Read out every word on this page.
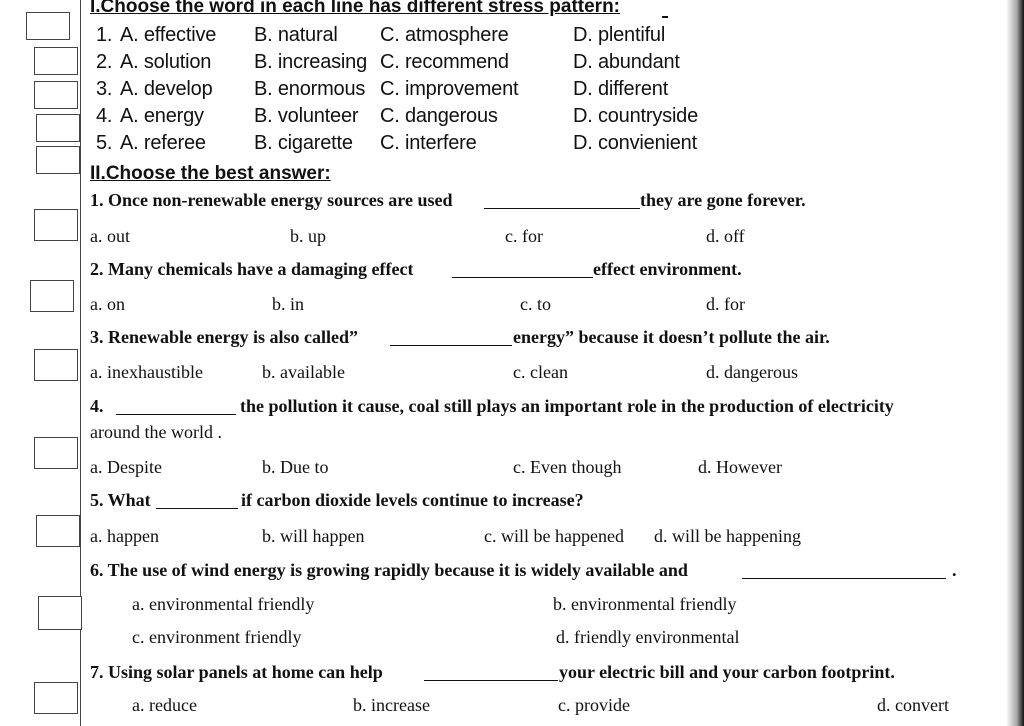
I.Choose the word in each line has different stress pattern:
1. A. effective B. natural C. atmosphere	D. plentiful
2. A. solution B. increasing C. recommend	D. abundant
3. A. develop B. enormous C. improvement	D. different
4. A. energy	B. volunteer C. dangerous	D. countryside
5. A. referee B. cigarette C. interfere	D. convienient
II.Choose the best answer:
1. Once non-renewable energy sources are used	they are gone forever.
a. out	b. up	c. for	d. off
2. Many chemicals have a damaging effect	effect environment.
a. on	b. in	c. to	d. for
3. Renewable energy is also called”	energy” because it doesn’t pollute the air.
a. inexhaustible	b. available	c. clean	d. dangerous
4.	the pollution it cause, coal still plays an important role in the production of electricity
around the world .
a. Despite	b. Due to	c. Even though	d. However
5. What	if carbon dioxide levels continue to increase?
a. happen	b. will happen	c. will be happened d. will be happening
6. The use of wind energy is growing rapidly because it is widely available and	.
a. environmental friendly	b. environmental friendly
c. environment friendly	d. friendly environmental
7. Using solar panels at home can help	your electric bill and your carbon footprint.
a. reduce	b. increase	c. provide	d. convert
